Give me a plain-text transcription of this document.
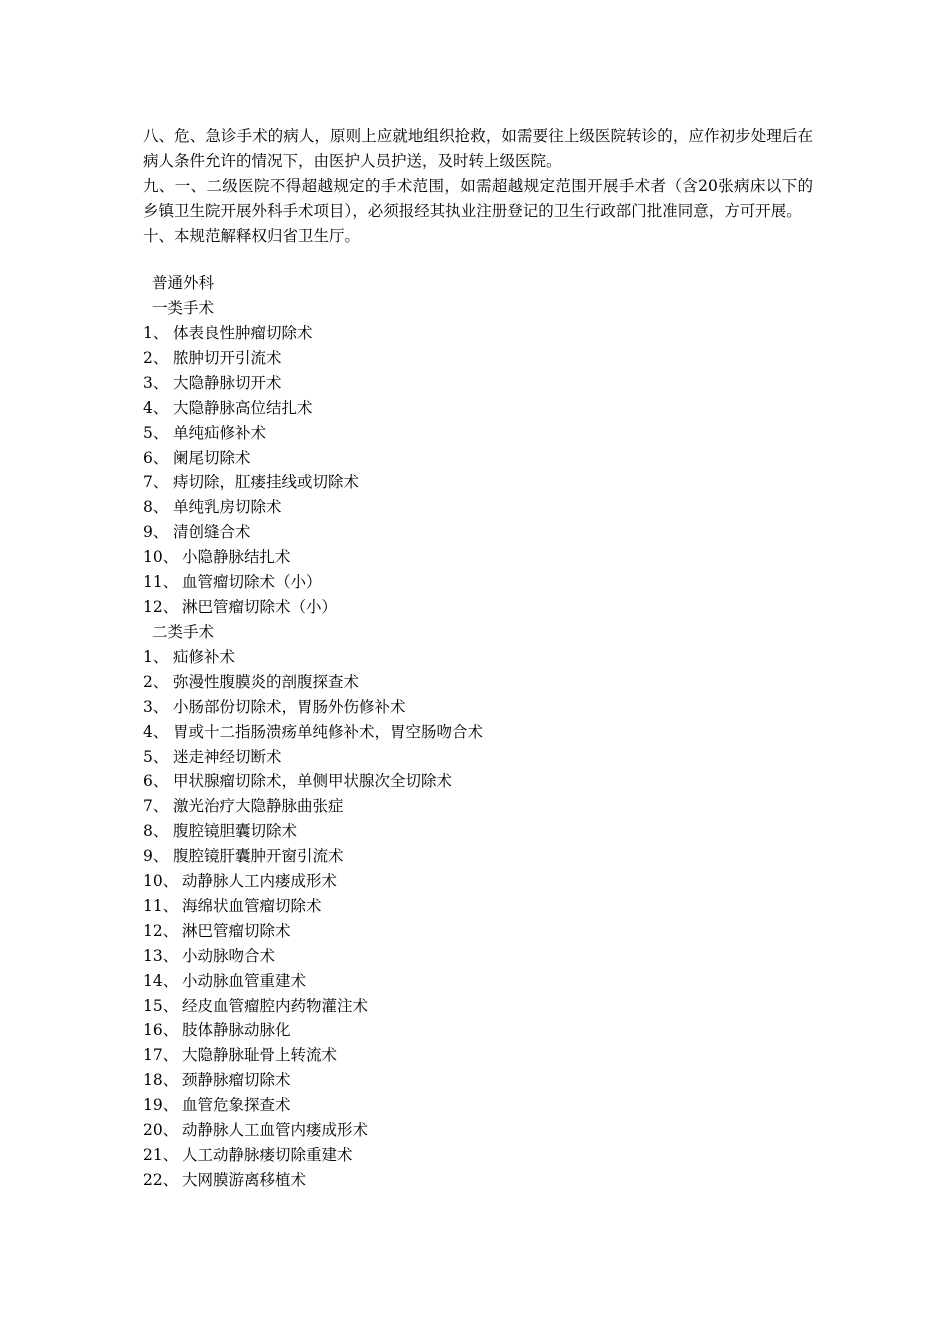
八、危、急诊手术的病人，原则上应就地组织抢救，如需要往上级医院转诊的，应作初步处理后在病人条件允许的情况下，由医护人员护送，及时转上级医院。

九、一、二级医院不得超越规定的手术范围，如需超越规定范围开展手术者（含20张病床以下的乡镇卫生院开展外科手术项目），必须报经其执业注册登记的卫生行政部门批准同意，方可开展。

十、本规范解释权归省卫生厅。

普通外科

一类手术

1、 体表良性肿瘤切除术

2、 脓肿切开引流术

3、 大隐静脉切开术

4、 大隐静脉高位结扎术

5、 单纯疝修补术

6、 阑尾切除术

7、 痔切除，肛瘘挂线或切除术

8、 单纯乳房切除术

9、 清创缝合术

10、 小隐静脉结扎术

11、 血管瘤切除术（小）

12、 淋巴管瘤切除术（小）

二类手术

1、 疝修补术

2、 弥漫性腹膜炎的剖腹探查术

3、 小肠部份切除术，胃肠外伤修补术

4、 胃或十二指肠溃疡单纯修补术，胃空肠吻合术

5、 迷走神经切断术

6、 甲状腺瘤切除术，单侧甲状腺次全切除术

7、 激光治疗大隐静脉曲张症

8、 腹腔镜胆囊切除术

9、 腹腔镜肝囊肿开窗引流术

10、 动静脉人工内瘘成形术

11、 海绵状血管瘤切除术

12、 淋巴管瘤切除术

13、 小动脉吻合术

14、 小动脉血管重建术

15、 经皮血管瘤腔内药物灌注术

16、 肢体静脉动脉化

17、 大隐静脉耻骨上转流术

18、 颈静脉瘤切除术

19、 血管危象探查术

20、 动静脉人工血管内瘘成形术

21、 人工动静脉瘘切除重建术

22、 大网膜游离移植术
